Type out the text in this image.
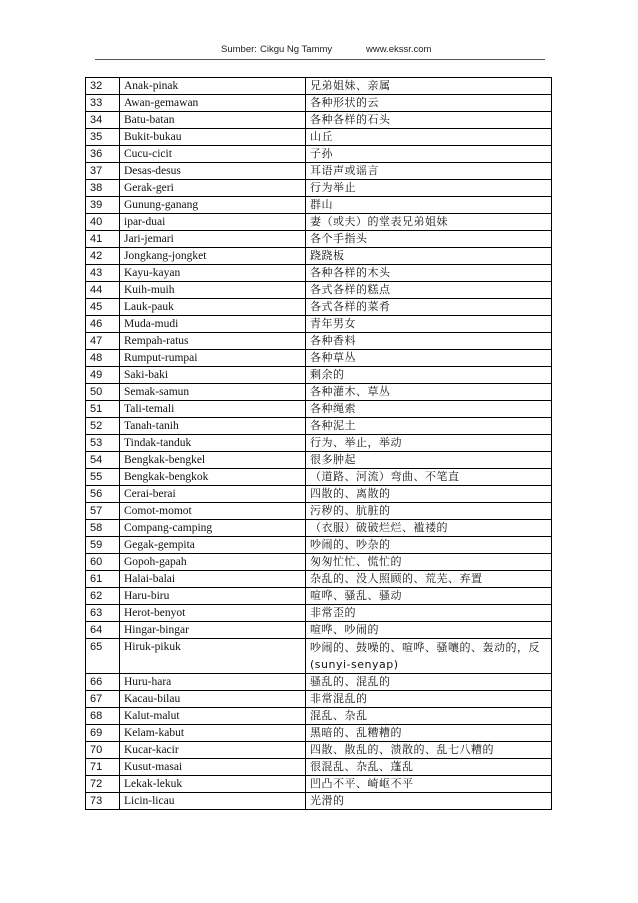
Sumber: Cikgu Ng Tammy	www.ekssr.com
32	Anak-pinak	兄弟姐妹、亲属
33	Awan-gemawan	各种形状的云
34	Batu-batan	各种各样的石头
35	Bukit-bukau	山丘
36	Cucu-cicit	子孙
37	Desas-desus	耳语声或谣言
38	Gerak-geri	行为举止
39	Gunung-ganang	群山
40	ipar-duai	妻（或夫）的堂表兄弟姐妹
41	Jari-jemari	各个手指头
42	Jongkang-jongket	跷跷板
43	Kayu-kayan	各种各样的木头
44	Kuih-muih	各式各样的糕点
45	Lauk-pauk	各式各样的菜肴
46	Muda-mudi	青年男女
47	Rempah-ratus	各种香料
48	Rumput-rumpai	各种草丛
49	Saki-baki	剩余的
50	Semak-samun	各种灌木、草丛
51	Tali-temali	各种绳索
52	Tanah-tanih	各种泥土
53	Tindak-tanduk	行为、举止，举动
54	Bengkak-bengkel	很多肿起
55	Bengkak-bengkok	（道路、河流）弯曲、不笔直
56	Cerai-berai	四散的、离散的
57	Comot-momot	污秽的、肮脏的
58	Compang-camping	（衣服）破破烂烂、褴褛的
59	Gegak-gempita	吵闹的、吵杂的
60	Gopoh-gapah	匆匆忙忙、慌忙的
61	Halai-balai	杂乱的、没人照顾的、荒芜、弃置
62	Haru-biru	喧哗、骚乱、骚动
63	Herot-benyot	非常歪的
64	Hingar-bingar	喧哗、吵闹的
65	Hiruk-pikuk	吵闹的、鼓噪的、喧哗、骚嚷的、轰动的，反(sunyi-senyap)
66	Huru-hara	骚乱的、混乱的
67	Kacau-bilau	非常混乱的
68	Kalut-malut	混乱、杂乱
69	Kelam-kabut	黑暗的、乱糟糟的
70	Kucar-kacir	四散、散乱的、溃散的、乱七八糟的
71	Kusut-masai	很混乱、杂乱、蓬乱
72	Lekak-lekuk	凹凸不平、崎岖不平
73	Licin-licau	光滑的
